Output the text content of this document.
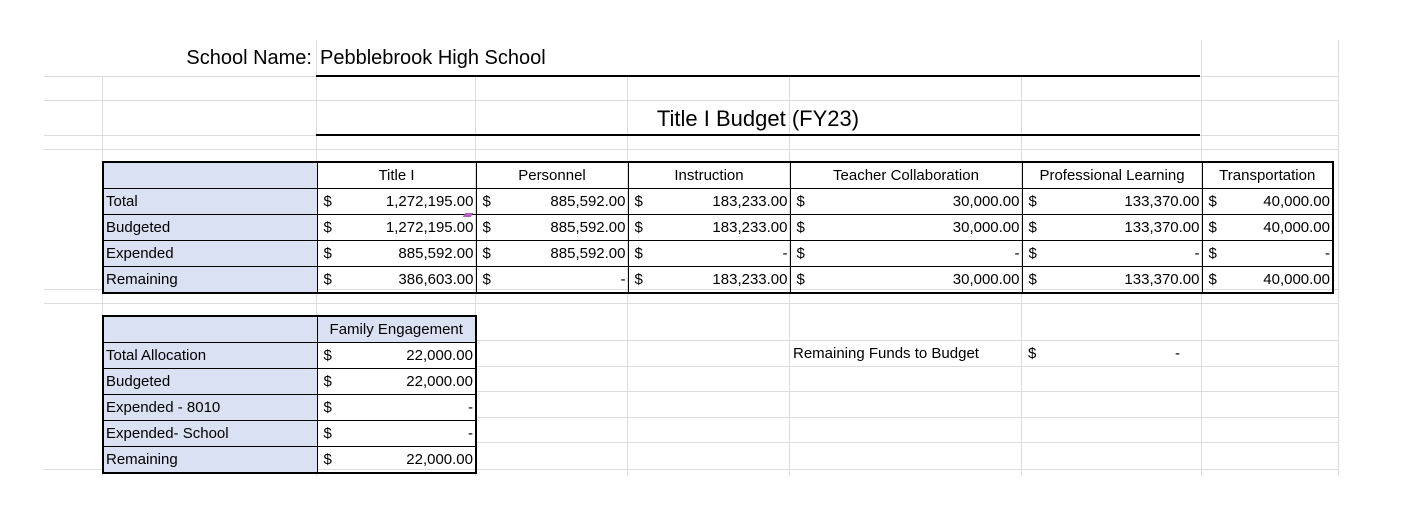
School Name: Pebblebrook High School
Title I Budget (FY23)
	Title I	Personnel	Instruction	Teacher Collaboration	Professional Learning	Transportation
Total	$ 1,272,195.00	$ 885,592.00	$ 183,233.00	$ 30,000.00	$ 133,370.00	$ 40,000.00

Budgeted	$ 1,272,195.00	$ 885,592.00	$ 183,233.00	$ 30,000.00	$ 133,370.00	$ 40,000.00

Expended	$ 885,592.00	$ 885,592.00	$ -	$ -	$ -	$ -

Remaining	$ 386,603.00	$ -	$ 183,233.00	$ 30,000.00	$ 133,370.00	$ 40,000.00
	Family Engagement
Total Allocation	$ 22,000.00

Budgeted	$ 22,000.00

Expended - 8010	$ -

Expended- School	$ -

Remaining	$ 22,000.00
Remaining Funds to Budget	$	-
